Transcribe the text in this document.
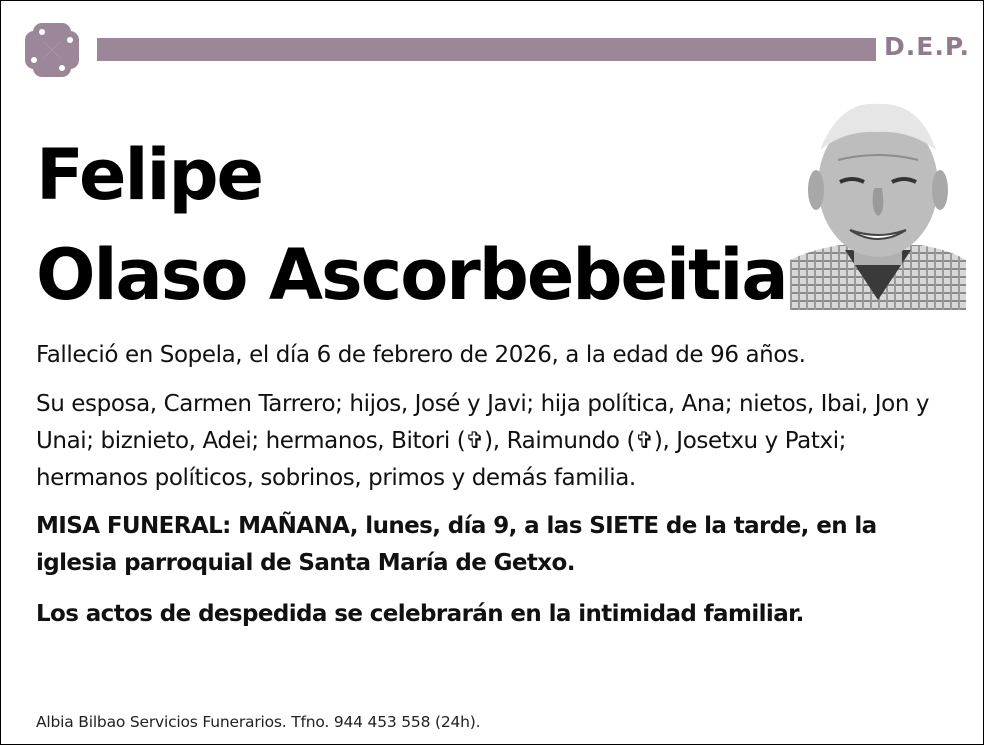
D.E.P.
Felipe
Olaso Ascorbebeitia
Falleció en Sopela, el día 6 de febrero de 2026, a la edad de 96 años.
Su esposa, Carmen Tarrero; hijos, José y Javi; hija política, Ana; nietos, Ibai, Jon y Unai; biznieto, Adei; hermanos, Bitori (✞), Raimundo (✞), Josetxu y Patxi; hermanos políticos, sobrinos, primos y demás familia.
MISA FUNERAL: MAÑANA, lunes, día 9, a las SIETE de la tarde, en la iglesia parroquial de Santa María de Getxo.
Los actos de despedida se celebrarán en la intimidad familiar.
Albia Bilbao Servicios Funerarios. Tfno. 944 453 558 (24h).
